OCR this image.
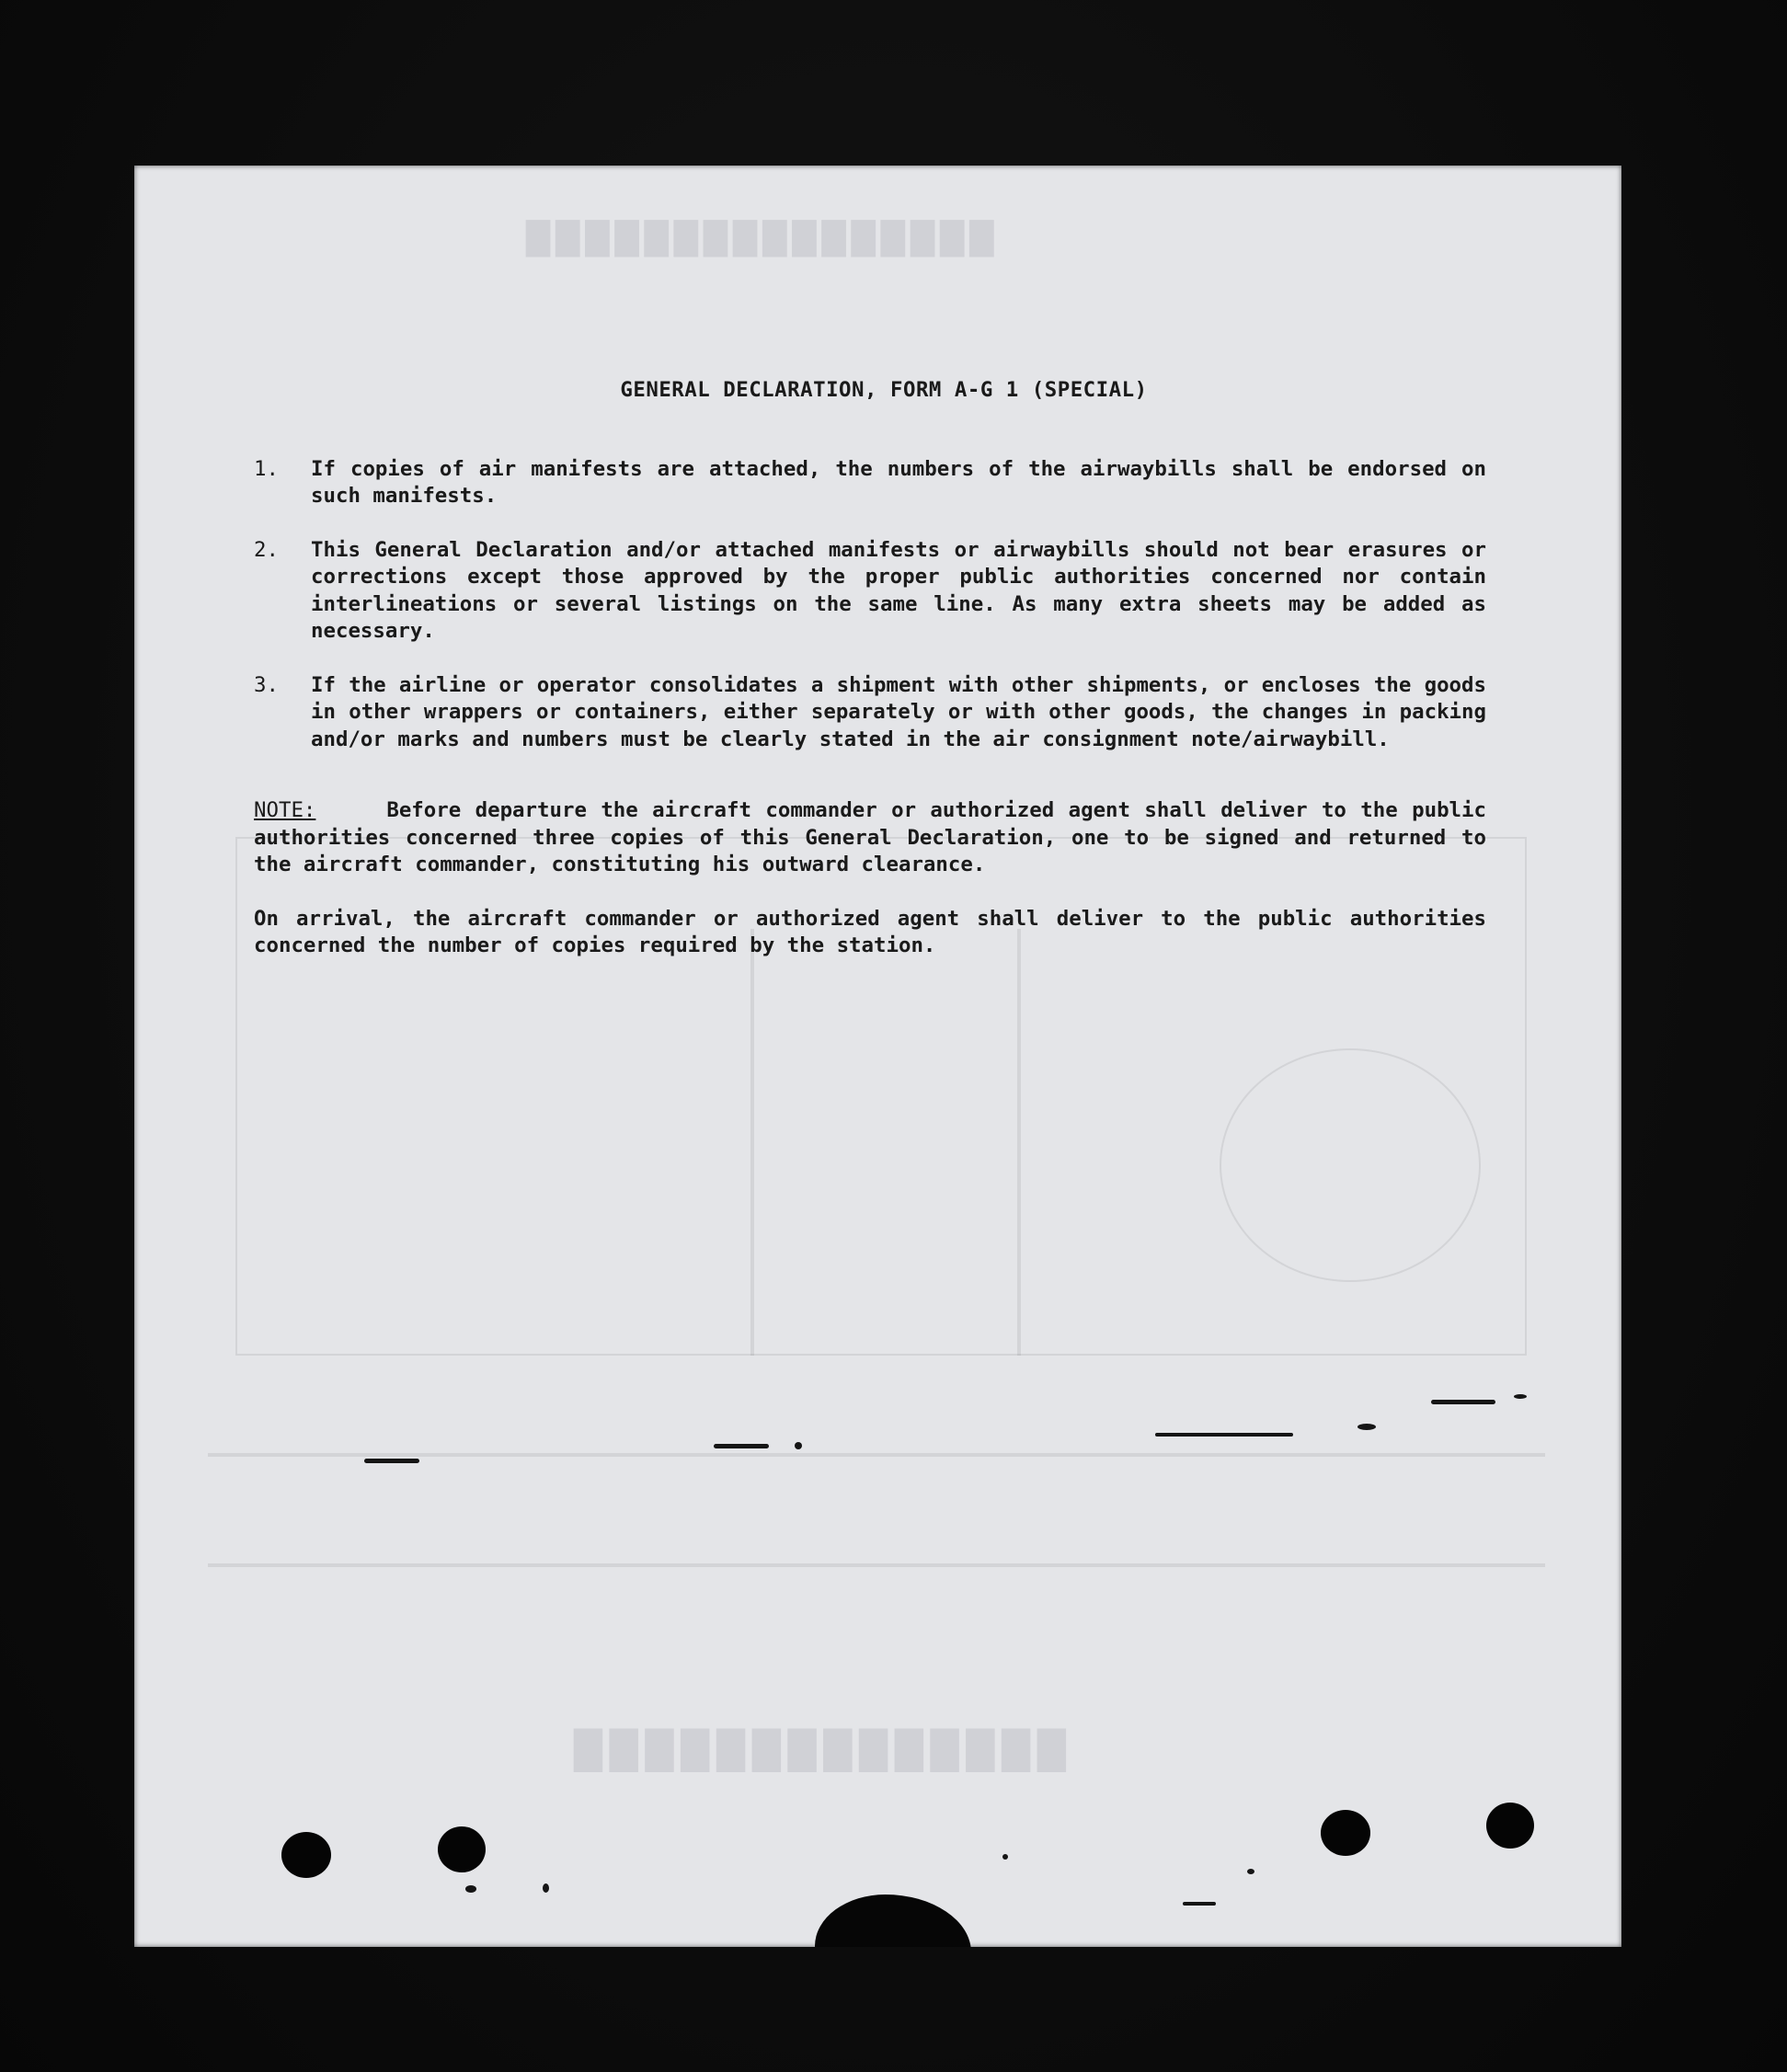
████████████████
██████████████
GENERAL DECLARATION, FORM A-G 1 (SPECIAL)
1.	If copies of air manifests are attached, the numbers of the airwaybills shall be endorsed on such manifests.
2.	This General Declaration and/or attached manifests or airwaybills should not bear erasures or corrections except those approved by the proper public authorities concerned nor contain interlineations or several listings on the same line. As many extra sheets may be added as necessary.
3.	If the airline or operator consolidates a shipment with other shipments, or encloses the goods in other wrappers or containers, either separately or with other goods, the changes in packing and/or marks and numbers must be clearly stated in the air consignment note/airwaybill.
NOTE:	Before departure the aircraft commander or authorized agent shall deliver to the public authorities concerned three copies of this General Declaration, one to be signed and returned to the aircraft commander, constituting his outward clearance.
On arrival, the aircraft commander or authorized agent shall deliver to the public authorities concerned the number of copies required by the station.
